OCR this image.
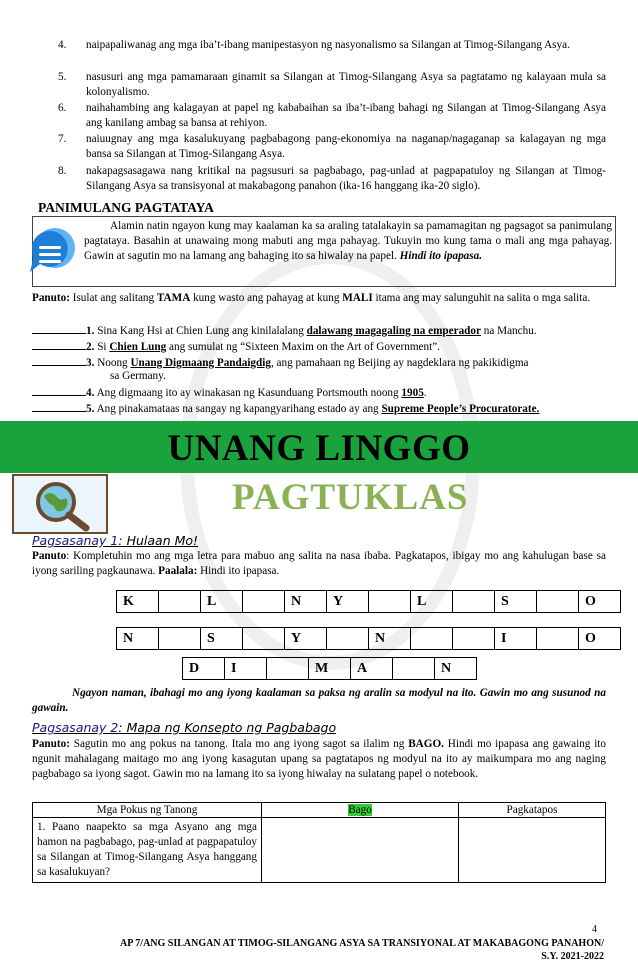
4. naipapaliwanag ang mga iba’t-ibang manipestasyon ng nasyonalismo sa Silangan at Timog-Silangang Asya.
5. nasusuri ang mga pamamaraan ginamit sa Silangan at Timog-Silangang Asya sa pagtatamo ng kalayaan mula sa kolonyalismo.
6. naihahambing ang kalagayan at papel ng kababaihan sa iba’t-ibang bahagi ng Silangan at Timog-Silangang Asya ang kanilang ambag sa bansa at rehiyon.
7. naiuugnay ang mga kasalukuyang pagbabagong pang-ekonomiya na naganap/nagaganap sa kalagayan ng mga bansa sa Silangan at Timog-Silangang Asya.
8. nakapagsasagawa nang kritikal na pagsusuri sa pagbabago, pag-unlad at pagpapatuloy ng Silangan at Timog-Silangang Asya sa transisyonal at makabagong panahon (ika-16 hanggang ika-20 siglo).
PANIMULANG PAGTATAYA
Alamin natin ngayon kung may kaalaman ka sa araling tatalakayin sa pamamagitan ng pagsagot sa panimulang pagtataya. Basahin at unawaing mong mabuti ang mga pahayag. Tukuyin mo kung tama o mali ang mga pahayag. Gawin at sagutin mo na lamang ang bahaging ito sa hiwalay na papel. Hindi ito ipapasa.
Panuto: Isulat ang salitang TAMA kung wasto ang pahayag at kung MALI itama ang may salunguhit na salita o mga salita.
1. Sina Kang Hsi at Chien Lung ang kinilalalang dalawang magagaling na emperador na Manchu.
2. Si Chien Lung ang sumulat ng “Sixteen Maxim on the Art of Government”.
3. Noong Unang Digmaang Pandaigdig, ang pamahaan ng Beijing ay nagdeklara ng pakikidigma
sa Germany.
4. Ang digmaang ito ay winakasan ng Kasunduang Portsmouth noong 1905.
5. Ang pinakamataas na sangay ng kapangyarihang estado ay ang Supreme People’s Procuratorate.
UNANG LINGGO
PAGTUKLAS
Pagsasanay 1: Hulaan Mo!
Panuto: Kompletuhin mo ang mga letra para mabuo ang salita na nasa ibaba. Pagkatapos, ibigay mo ang kahulugan base sa iyong sariling pagkaunawa. Paalala: Hindi ito ipapasa.
K		L		N	Y		L		S		O
N		S		Y		N			I		O
D	I		M	A		N
Ngayon naman, ibahagi mo ang iyong kaalaman sa paksa ng aralin sa modyul na ito. Gawin mo ang susunod na gawain.
Pagsasanay 2: Mapa ng Konsepto ng Pagbabago
Panuto: Sagutin mo ang pokus na tanong. Itala mo ang iyong sagot sa ilalim ng BAGO. Hindi mo ipapasa ang gawaing ito ngunit mahalagang maitago mo ang iyong kasagutan upang sa pagtatapos ng modyul na ito ay maikumpara mo ang naging pagbabago sa iyong sagot. Gawin mo na lamang ito sa iyong hiwalay na sulatang papel o notebook.
Mga Pokus ng Tanong	Bago	Pagkatapos
1. Paano naapekto sa mga Asyano ang mga hamon na pagbabago, pag-unlad at pagpapatuloy sa Silangan at Timog-Silangang Asya hanggang sa kasalukuyan?		
4
AP 7/ANG SILANGAN AT TIMOG-SILANGANG ASYA SA TRANSIYONAL AT MAKABAGONG PANAHON/
S.Y. 2021-2022
